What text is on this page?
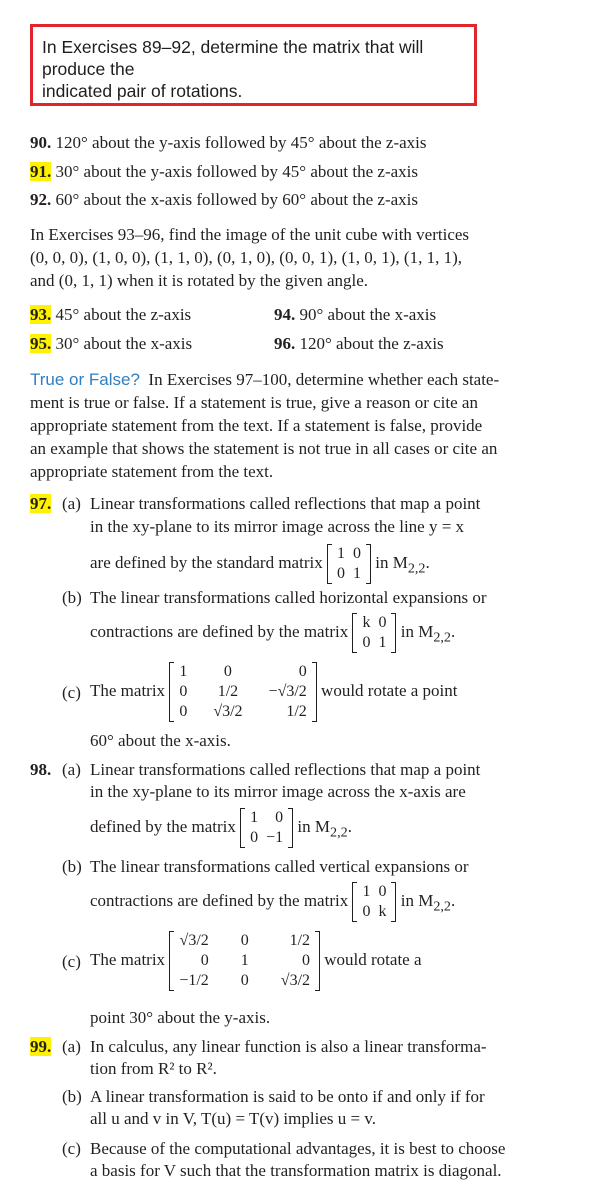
In Exercises 89–92, determine the matrix that will
produce the
indicated pair of rotations.
90. 120° about the y-axis followed by 45° about the z-axis
91. 30° about the y-axis followed by 45° about the z-axis
92. 60° about the x-axis followed by 60° about the z-axis
In Exercises 93–96, find the image of the unit cube with vertices
(0, 0, 0), (1, 0, 0), (1, 1, 0), (0, 1, 0), (0, 0, 1), (1, 0, 1), (1, 1, 1),
and (0, 1, 1) when it is rotated by the given angle.
93. 45° about the z-axis	94. 90° about the x-axis
95. 30° about the x-axis	96. 120° about the z-axis
True or False? In Exercises 97–100, determine whether each state-
ment is true or false. If a statement is true, give a reason or cite an
appropriate statement from the text. If a statement is false, provide
an example that shows the statement is not true in all cases or cite an
appropriate statement from the text.
97. (a) Linear transformations called reflections that map a point
in the xy-plane to its mirror image across the line y = x
are defined by the standard matrix 1	0
0	1
in $M_{2,2}$.
(b) The linear transformations called horizontal expansions or
contractions are defined by the matrix k	0
0	1
in $M_{2,2}$.
(c) The matrix
1	0	0
0	1/2	−√3/2
0	√3/2	1/2
would rotate a point
60° about the x-axis.
98. (a) Linear transformations called reflections that map a point
in the xy-plane to its mirror image across the x-axis are
defined by the matrix 1	0
0	−1
in $M_{2,2}$.
(b) The linear transformations called vertical expansions or
contractions are defined by the matrix 1	0
0	k
in $M_{2,2}$.
(c) The matrix
√3/2	0	1/2
0	1	0
−1/2	0	√3/2
would rotate a
point 30° about the y-axis.
99. (a) In calculus, any linear function is also a linear transforma-
tion from R² to R².
(b) A linear transformation is said to be onto if and only if for
all u and v in V, T(u) = T(v) implies u = v.
(c) Because of the computational advantages, it is best to choose
a basis for V such that the transformation matrix is diagonal.
